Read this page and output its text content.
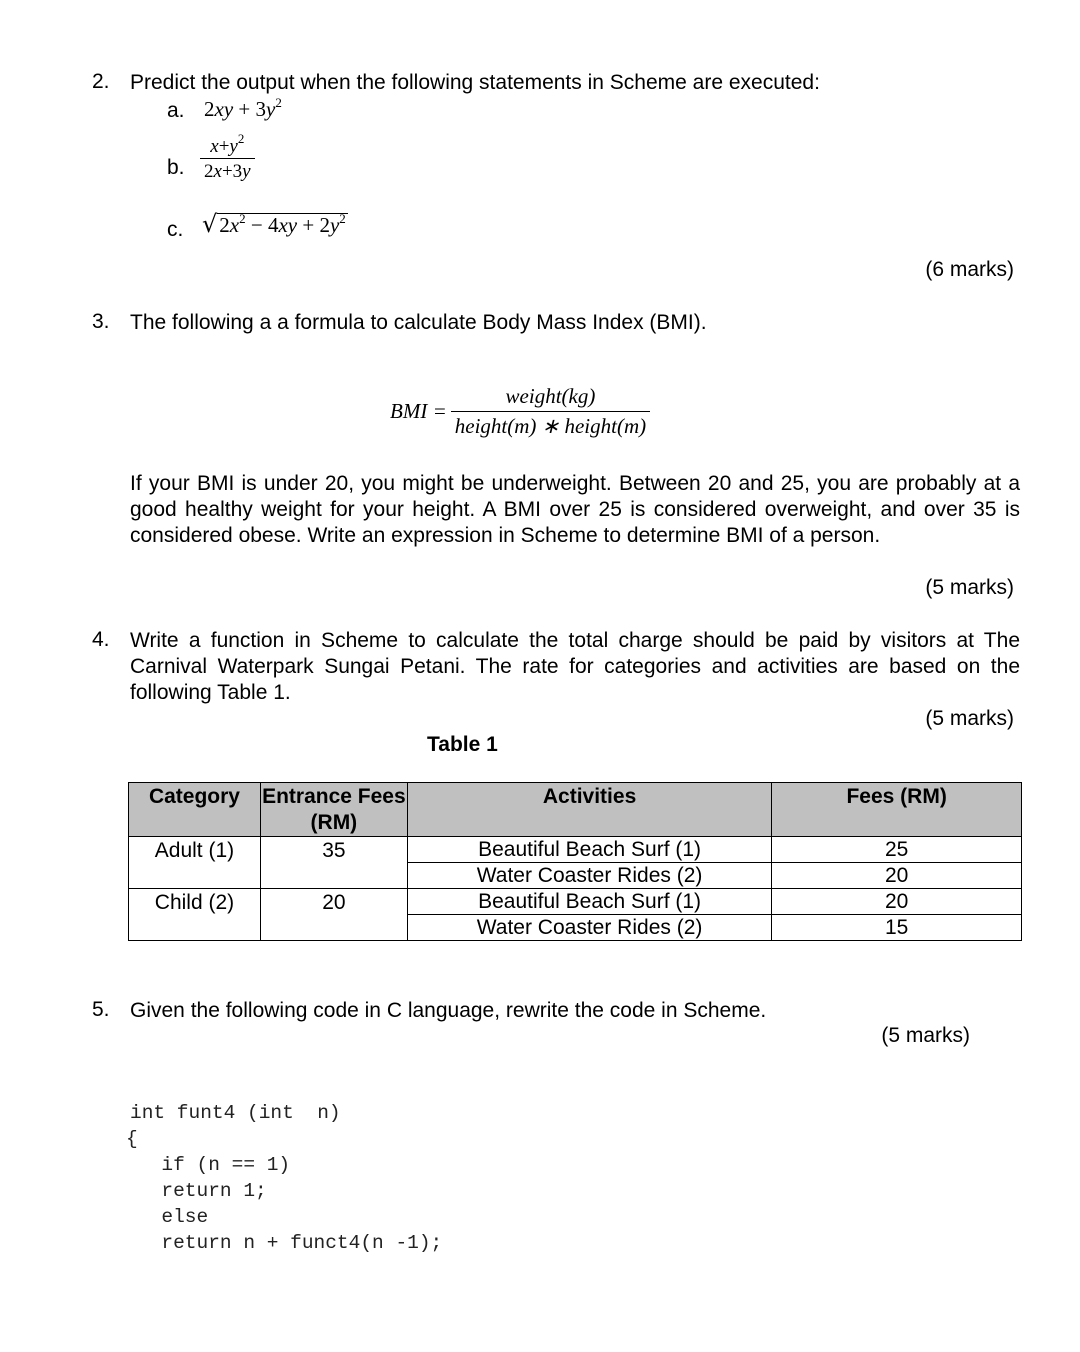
2. Predict the output when the following statements in Scheme are executed:
a. $2xy + 3y^2$
b. $\frac{x+y^2}{2x+3y}$
c. √ $2x^2 - 4xy + 2y^2$
(6 marks)
3. The following a a formula to calculate Body Mass Index (BMI).
BMI = $\frac{\text{weight(kg)}}{\text{height(m) ∗ height(m)}}$
If your BMI is under 20, you might be underweight. Between 20 and 25, you are probably at a good healthy weight for your height. A BMI over 25 is considered overweight, and over 35 is considered obese. Write an expression in Scheme to determine BMI of a person.
(5 marks)
4. Write a function in Scheme to calculate the total charge should be paid by visitors at The Carnival Waterpark Sungai Petani. The rate for categories and activities are based on the following Table 1.
(5 marks)
Table 1
Category	Entrance Fees (RM)	Activities	Fees (RM)
Adult (1)	35	Beautiful Beach Surf (1)	25
		Water Coaster Rides (2)	20
Child (2)	20	Beautiful Beach Surf (1)	20
		Water Coaster Rides (2)	15
5. Given the following code in C language, rewrite the code in Scheme.
(5 marks)
int funt4 (int  n)
{
if (n == 1)
return 1;
else
return n + funct4(n -1);
